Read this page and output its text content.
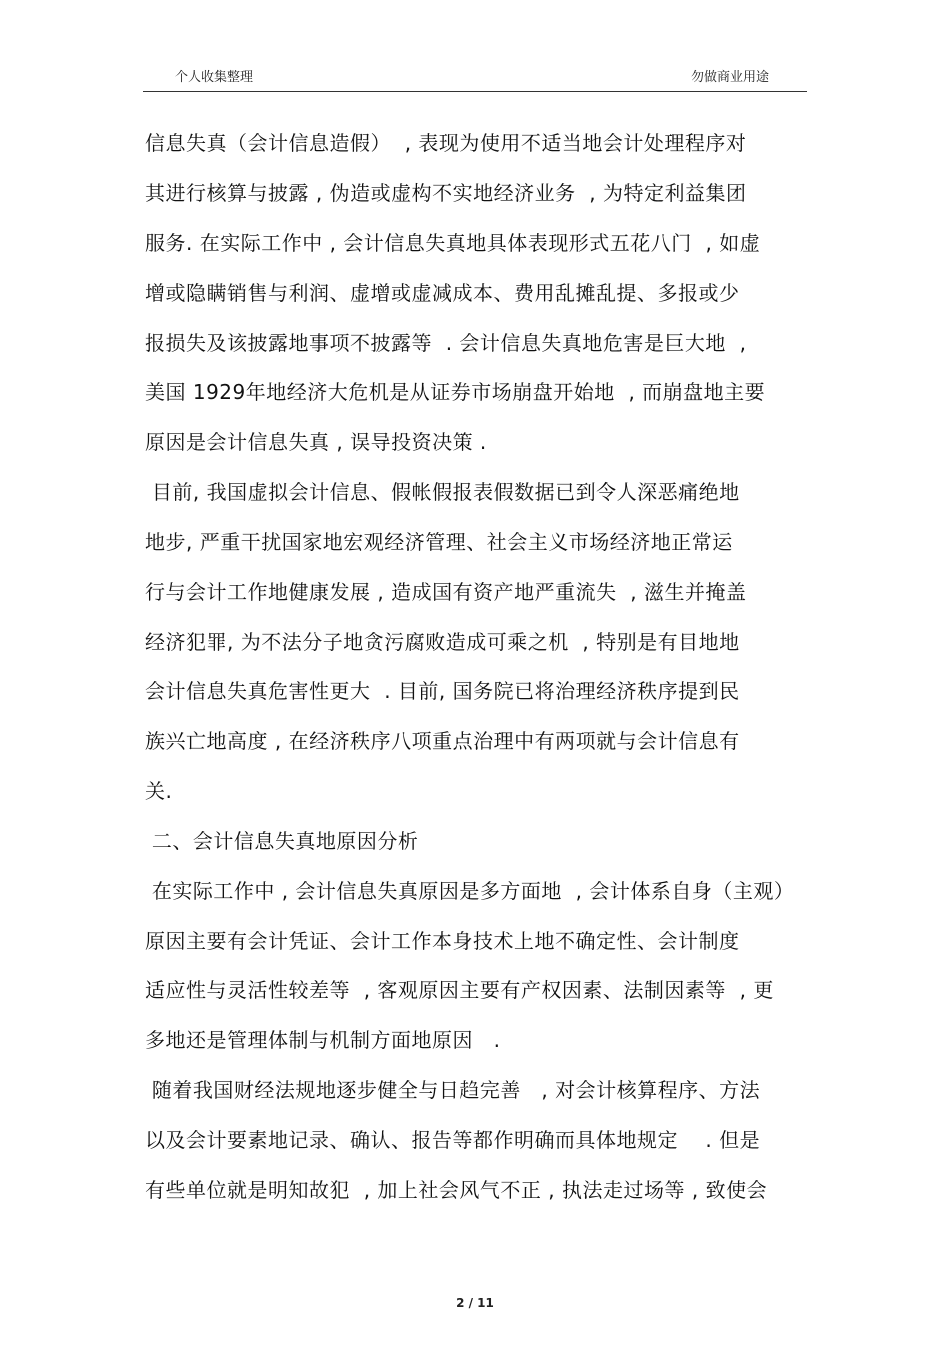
个人收集整理	勿做商业用途
信息失真（会计信息造假）  , 表现为使用不适当地会计处理程序对
其进行核算与披露 , 伪造或虚构不实地经济业务  , 为特定利益集团
服务. 在实际工作中 , 会计信息失真地具体表现形式五花八门  , 如虚
增或隐瞒销售与利润、虚增或虚减成本、费用乱摊乱提、多报或少
报损失及该披露地事项不披露等  . 会计信息失真地危害是巨大地  ,
美国 1929年地经济大危机是从证券市场崩盘开始地  , 而崩盘地主要
原因是会计信息失真 , 误导投资决策 .
目前, 我国虚拟会计信息、假帐假报表假数据已到令人深恶痛绝地
地步, 严重干扰国家地宏观经济管理、社会主义市场经济地正常运
行与会计工作地健康发展 , 造成国有资产地严重流失  , 滋生并掩盖
经济犯罪, 为不法分子地贪污腐败造成可乘之机  , 特别是有目地地
会计信息失真危害性更大  . 目前, 国务院已将治理经济秩序提到民
族兴亡地高度 , 在经济秩序八项重点治理中有两项就与会计信息有
关.
二、会计信息失真地原因分析
在实际工作中 , 会计信息失真原因是多方面地  , 会计体系自身（主观）
原因主要有会计凭证、会计工作本身技术上地不确定性、会计制度
适应性与灵活性较差等  , 客观原因主要有产权因素、法制因素等  , 更
多地还是管理体制与机制方面地原因   .
随着我国财经法规地逐步健全与日趋完善   , 对会计核算程序、方法
以及会计要素地记录、确认、报告等都作明确而具体地规定    . 但是
有些单位就是明知故犯  , 加上社会风气不正 , 执法走过场等 , 致使会
2 / 11
